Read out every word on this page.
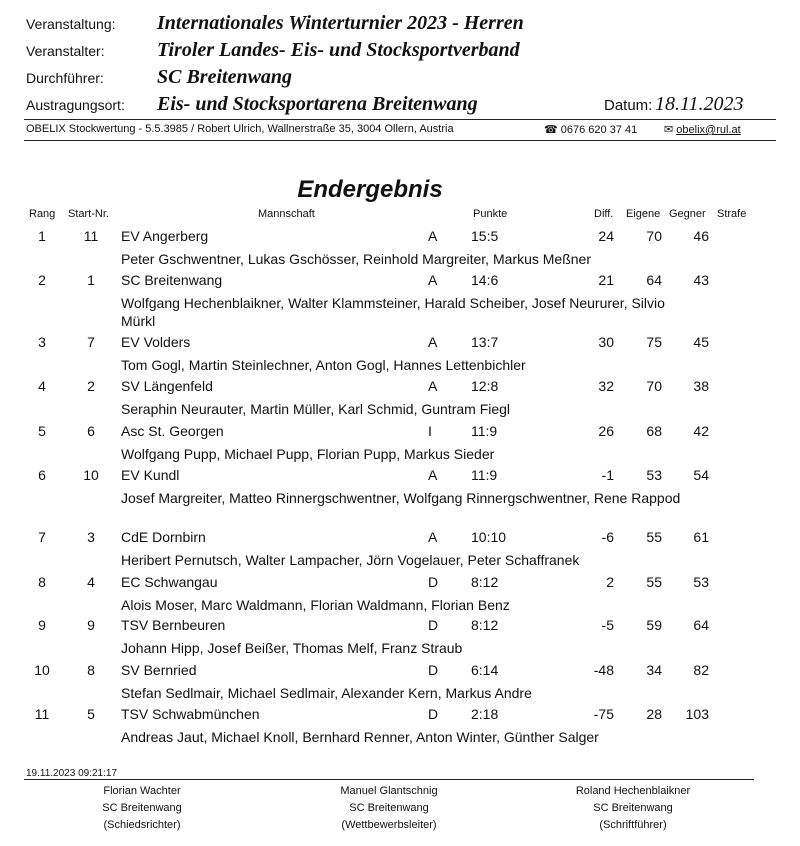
Veranstaltung: Internationales Winterturnier 2023 - Herren
Veranstalter:	Tiroler Landes- Eis- und Stocksportverband
Durchführer:	SC Breitenwang
Austragungsort: Eis- und Stocksportarena Breitenwang	Datum: 18.11.2023
OBELIX Stockwertung - 5.5.3985 / Robert Ulrich, Wallnerstraße 35, 3004 Ollern, Austria	☎ 0676 620 37 41 ✉ obelix@rul.at
Endergebnis
Rang Start-Nr.	Mannschaft	Punkte	Diff. Eigene Gegner Strafe
1	11	EV Angerberg	A 15:5	24	70	46
Peter Gschwentner, Lukas Gschösser, Reinhold Margreiter, Markus Meßner
2	1	SC Breitenwang	A 14:6	21	64	43
Wolfgang Hechenblaikner, Walter Klammsteiner, Harald Scheiber, Josef Neururer, Silvio Mürkl
3	7	EV Volders	A 13:7	30	75	45
Tom Gogl, Martin Steinlechner, Anton Gogl, Hannes Lettenbichler
4	2	SV Längenfeld	A 12:8	32	70	38
Seraphin Neurauter, Martin Müller, Karl Schmid, Guntram Fiegl
5	6	Asc St. Georgen	I	11:9	26	68	42
Wolfgang Pupp, Michael Pupp, Florian Pupp, Markus Sieder
6	10	EV Kundl	A 11:9	-1	53	54
Josef Margreiter, Matteo Rinnergschwentner, Wolfgang Rinnergschwentner, Rene Rappod
7	3	CdE Dornbirn	A 10:10	-6	55	61
Heribert Pernutsch, Walter Lampacher, Jörn Vogelauer, Peter Schaffranek
8	4	EC Schwangau	D 8:12	2	55	53
Alois Moser, Marc Waldmann, Florian Waldmann, Florian Benz
9	9	TSV Bernbeuren	D 8:12	-5	59	64
Johann Hipp, Josef Beißer, Thomas Melf, Franz Straub
10	8	SV Bernried	D 6:14	-48	34	82
Stefan Sedlmair, Michael Sedlmair, Alexander Kern, Markus Andre
11	5	TSV Schwabmünchen	D 2:18	-75	28	103
Andreas Jaut, Michael Knoll, Bernhard Renner, Anton Winter, Günther Salger
19.11.2023 09:21:17
Florian Wachter
SC Breitenwang
(Schiedsrichter)
Manuel Glantschnig
SC Breitenwang
(Wettbewerbsleiter)
Roland Hechenblaikner
SC Breitenwang
(Schriftführer)
